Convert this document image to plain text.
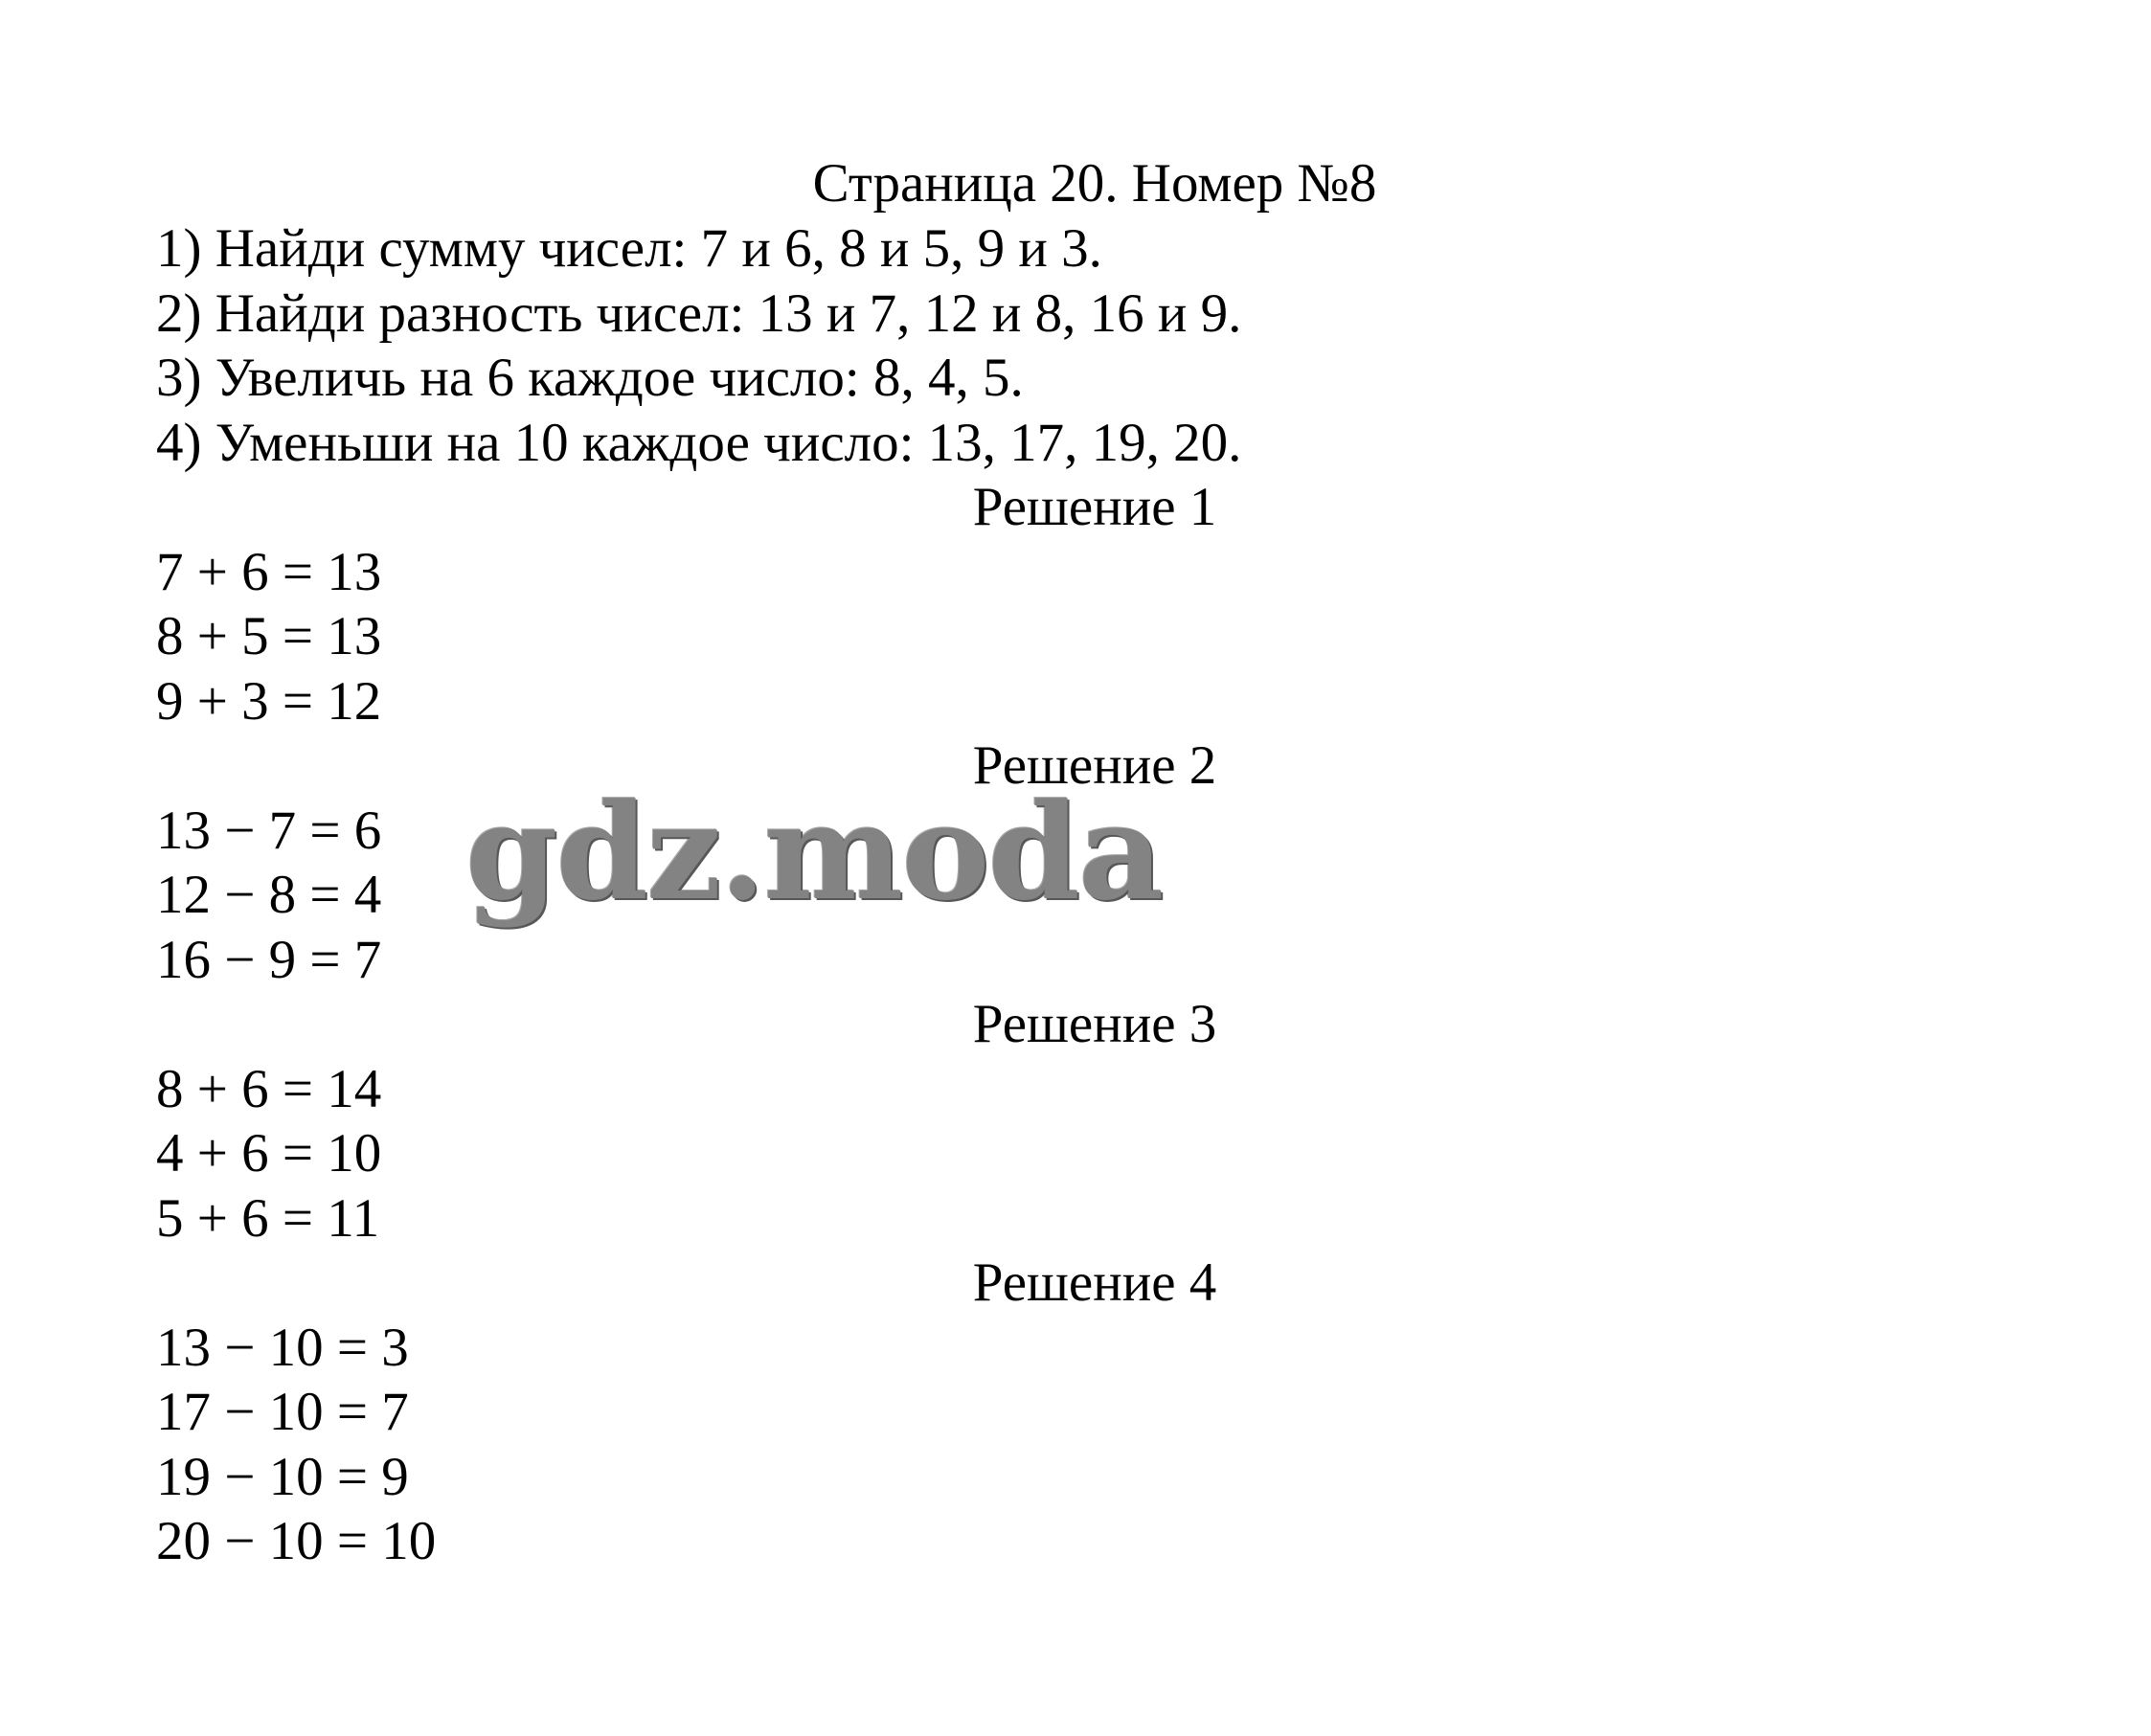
Страница 20. Номер №8
1) Найди сумму чисел: 7 и 6, 8 и 5, 9 и 3.
2) Найди разность чисел: 13 и 7, 12 и 8, 16 и 9.
3) Увеличь на 6 каждое число: 8, 4, 5.
4) Уменьши на 10 каждое число: 13, 17, 19, 20.
Решение 1
7 + 6 = 13
8 + 5 = 13
9 + 3 = 12
Решение 2
13 − 7 = 6
12 − 8 = 4
16 − 9 = 7
Решение 3
8 + 6 = 14
4 + 6 = 10
5 + 6 = 11
Решение 4
13 − 10 = 3
17 − 10 = 7
19 − 10 = 9
20 − 10 = 10
gdz.moda
